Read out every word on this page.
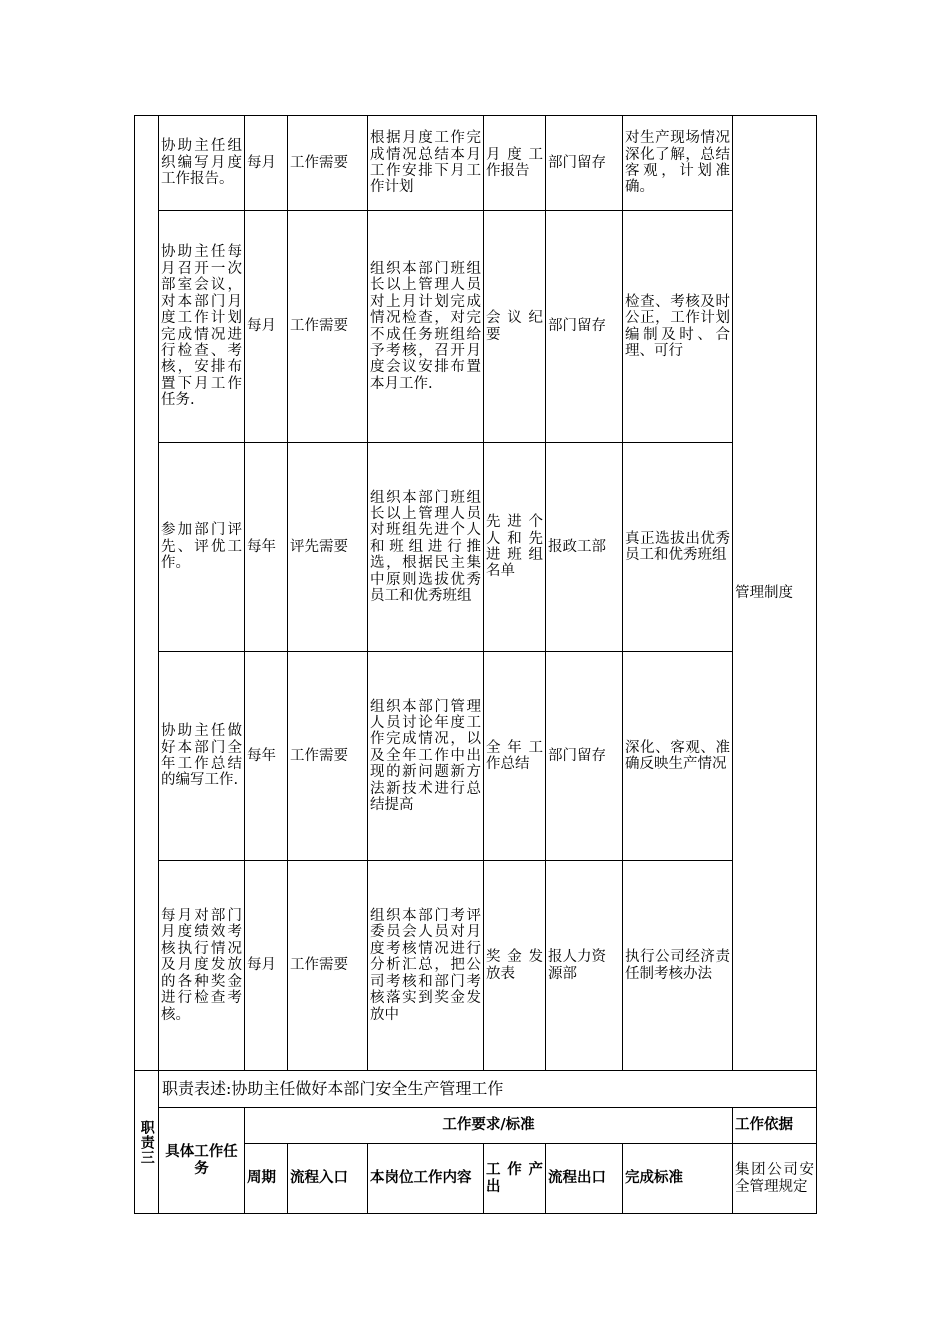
	协助主任组织编写月度工作报告。	每月	工作需要	根据月度工作完成情况总结本月工作安排下月工作计划	月度工作报告	部门留存	对生产现场情况深化了解，总结客观，计划准确。	管理制度
	协助主任每月召开一次部室会议，对本部门月度工作计划完成情况进行检查、考核，安排布置下月工作任务.	每月	工作需要	组织本部门班组长以上管理人员对上月计划完成情况检查，对完不成任务班组给予考核，召开月度会议安排布置本月工作.	会议纪要	部门留存	检查、考核及时公正，工作计划编制及时、合理、可行	
	参加部门评先、评优工作。	每年	评先需要	组织本部门班组长以上管理人员对班组先进个人和班组进行推选，根据民主集中原则选拔优秀员工和优秀班组	先进个人和先进班组名单	报政工部	真正选拔出优秀员工和优秀班组	
	协助主任做好本部门全年工作总结的编写工作.	每年	工作需要	组织本部门管理人员讨论年度工作完成情况，以及全年工作中出现的新问题新方法新技术进行总结提高	全年工作总结	部门留存	深化、客观、准确反映生产情况	
	每月对部门月度绩效考核执行情况及月度发放的各种奖金进行检查考核。	每月	工作需要	组织本部门考评委员会人员对月度考核情况进行分析汇总，把公司考核和部门考核落实到奖金发放中	奖金发放表	报人力资源部	执行公司经济责任制考核办法	

职责三	职责表述:协助主任做好本部门安全生产管理工作							
	具体工作任务	工作要求/标准						工作依据
		周期	流程入口	本岗位工作内容	工作产出	流程出口	完成标准	集团公司安全管理规定
